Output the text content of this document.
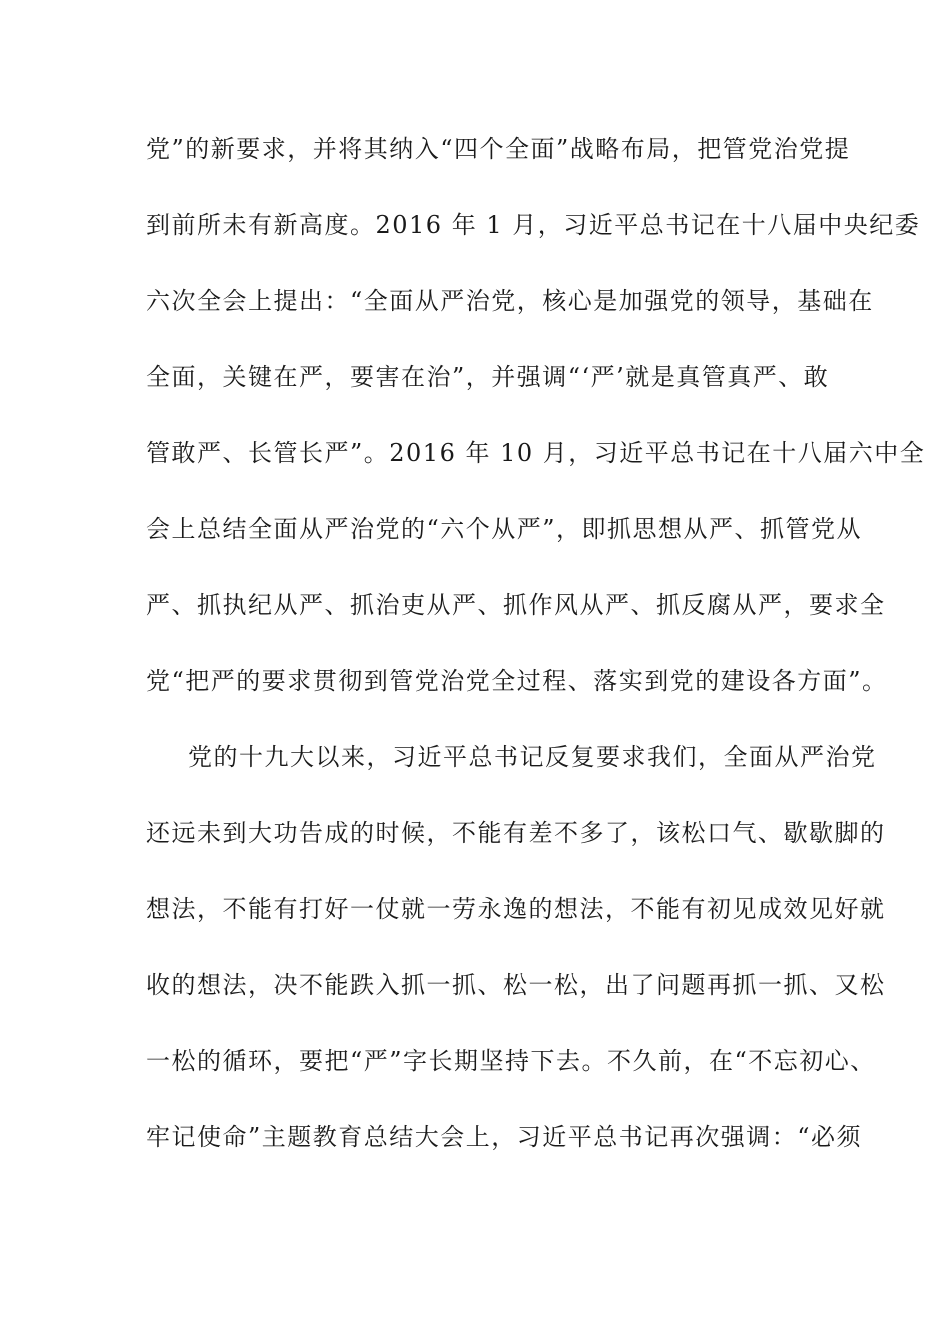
党”的新要求，并将其纳入“四个全面”战略布局，把管党治党提
到前所未有新高度。2016 年 1 月，习近平总书记在十八届中央纪委
六次全会上提出：“全面从严治党，核心是加强党的领导，基础在
全面，关键在严，要害在治”，并强调“‘严’就是真管真严、敢
管敢严、长管长严”。2016 年 10 月，习近平总书记在十八届六中全
会上总结全面从严治党的“六个从严”，即抓思想从严、抓管党从
严、抓执纪从严、抓治吏从严、抓作风从严、抓反腐从严，要求全
党“把严的要求贯彻到管党治党全过程、落实到党的建设各方面”。
党的十九大以来，习近平总书记反复要求我们，全面从严治党
还远未到大功告成的时候，不能有差不多了，该松口气、歇歇脚的
想法，不能有打好一仗就一劳永逸的想法，不能有初见成效见好就
收的想法，决不能跌入抓一抓、松一松，出了问题再抓一抓、又松
一松的循环，要把“严”字长期坚持下去。不久前，在“不忘初心、
牢记使命”主题教育总结大会上，习近平总书记再次强调：“必须
